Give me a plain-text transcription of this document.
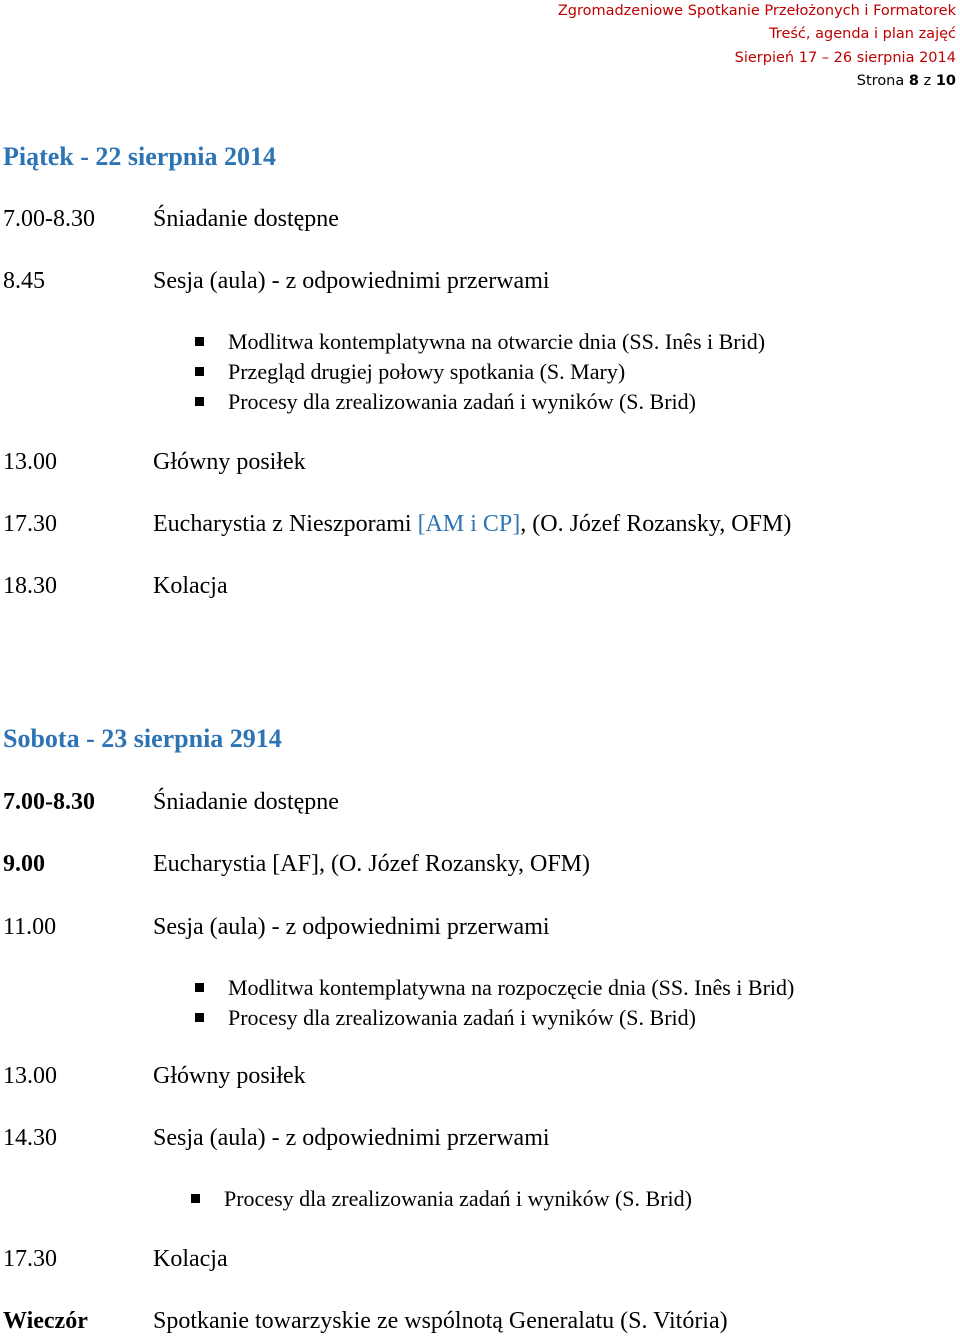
Zgromadzeniowe Spotkanie Przełożonych i Formatorek
Treść, agenda i plan zajęć
Sierpień 17 – 26 sierpnia 2014
Strona 8 z 10
Piątek - 22 sierpnia 2014
7.00-8.30	Śniadanie dostępne
8.45	Sesja (aula) - z odpowiednimi przerwami
Modlitwa kontemplatywna na otwarcie dnia (SS. Inês i Brid)
Przegląd drugiej połowy spotkania (S. Mary)
Procesy dla zrealizowania zadań i wyników (S. Brid)
13.00	Główny posiłek
17.30	Eucharystia z Nieszporami [AM i CP], (O. Józef Rozansky, OFM)
18.30	Kolacja
Sobota - 23 sierpnia 2914
7.00-8.30	Śniadanie dostępne
9.00	Eucharystia [AF], (O. Józef Rozansky, OFM)
11.00	Sesja (aula) - z odpowiednimi przerwami
Modlitwa kontemplatywna na rozpoczęcie dnia (SS. Inês i Brid)
Procesy dla zrealizowania zadań i wyników (S. Brid)
13.00	Główny posiłek
14.30	Sesja (aula) - z odpowiednimi przerwami
Procesy dla zrealizowania zadań i wyników (S. Brid)
17.30	Kolacja
Wieczór	Spotkanie towarzyskie ze wspólnotą Generalatu (S. Vitória)
